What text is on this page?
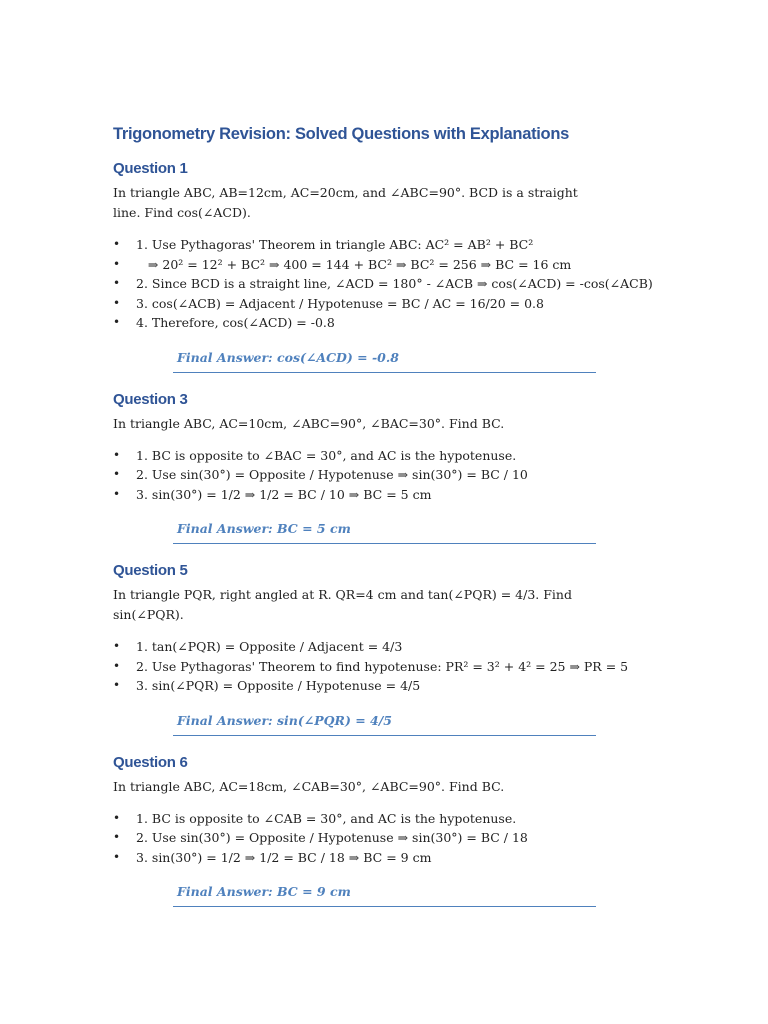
Trigonometry Revision: Solved Questions with Explanations
Question 1

In triangle ABC, AB=12cm, AC=20cm, and ∠ABC=90°. BCD is a straight line. Find cos(∠ACD).

• 1. Use Pythagoras' Theorem in triangle ABC: AC² = AB² + BC²
• ⇒ 20² = 12² + BC² ⇒ 400 = 144 + BC² ⇒ BC² = 256 ⇒ BC = 16 cm
• 2. Since BCD is a straight line, ∠ACD = 180° - ∠ACB ⇒ cos(∠ACD) = -cos(∠ACB)
• 3. cos(∠ACB) = Adjacent / Hypotenuse = BC / AC = 16/20 = 0.8
• 4. Therefore, cos(∠ACD) = -0.8
Final Answer: cos(∠ACD) = -0.8
Question 3

In triangle ABC, AC=10cm, ∠ABC=90°, ∠BAC=30°. Find BC.

• 1. BC is opposite to ∠BAC = 30°, and AC is the hypotenuse.
• 2. Use sin(30°) = Opposite / Hypotenuse ⇒ sin(30°) = BC / 10
• 3. sin(30°) = 1/2 ⇒ 1/2 = BC / 10 ⇒ BC = 5 cm
Final Answer: BC = 5 cm
Question 5

In triangle PQR, right angled at R. QR=4 cm and tan(∠PQR) = 4/3. Find sin(∠PQR).

• 1. tan(∠PQR) = Opposite / Adjacent = 4/3
• 2. Use Pythagoras' Theorem to find hypotenuse: PR² = 3² + 4² = 25 ⇒ PR = 5
• 3. sin(∠PQR) = Opposite / Hypotenuse = 4/5
Final Answer: sin(∠PQR) = 4/5
Question 6

In triangle ABC, AC=18cm, ∠CAB=30°, ∠ABC=90°. Find BC.

• 1. BC is opposite to ∠CAB = 30°, and AC is the hypotenuse.
• 2. Use sin(30°) = Opposite / Hypotenuse ⇒ sin(30°) = BC / 18
• 3. sin(30°) = 1/2 ⇒ 1/2 = BC / 18 ⇒ BC = 9 cm
Final Answer: BC = 9 cm
